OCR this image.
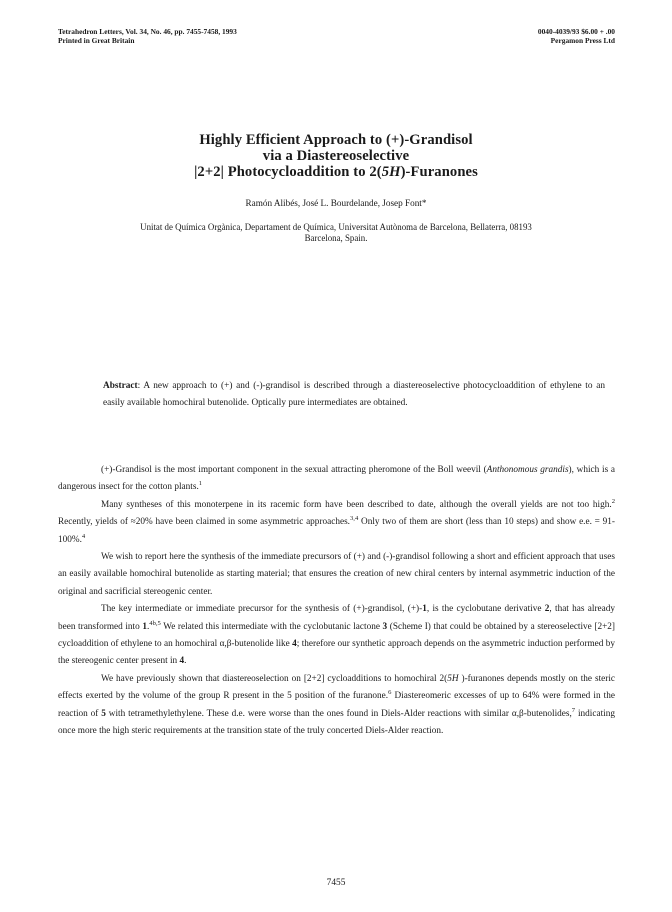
Tetrahedron Letters, Vol. 34, No. 46, pp. 7455-7458, 1993
Printed in Great Britain
0040-4039/93 $6.00 + .00
Pergamon Press Ltd
Highly Efficient Approach to (+)-Grandisol
via a Diastereoselective
|2+2| Photocycloaddition to 2(5H)-Furanones
Ramón Alibés, José L. Bourdelande, Josep Font*
Unitat de Química Orgànica, Departament de Química, Universitat Autònoma de Barcelona, Bellaterra, 08193
Barcelona, Spain.
Abstract: A new approach to (+) and (-)-grandisol is described through a diastereoselective photocycloaddition of ethylene to an easily available homochiral butenolide. Optically pure intermediates are obtained.

(+)-Grandisol is the most important component in the sexual attracting pheromone of the Boll weevil (Anthonomous grandis), which is a dangerous insect for the cotton plants.$^1$

Many syntheses of this monoterpene in its racemic form have been described to date, although the overall yields are not too high.$^2$ Recently, yields of ≈20% have been claimed in some asymmetric approaches.$^{3,4}$ Only two of them are short (less than 10 steps) and show e.e. = 91-100%.$^4$

We wish to report here the synthesis of the immediate precursors of (+) and (-)-grandisol following a short and efficient approach that uses an easily available homochiral butenolide as starting material; that ensures the creation of new chiral centers by internal asymmetric induction of the original and sacrificial stereogenic center.

The key intermediate or immediate precursor for the synthesis of (+)-grandisol, (+)-1, is the cyclobutane derivative 2, that has already been transformed into 1.$^{4b,5}$ We related this intermediate with the cyclobutanic lactone 3 (Scheme I) that could be obtained by a stereoselective [2+2] cycloaddition of ethylene to an homochiral α,β-butenolide like 4; therefore our synthetic approach depends on the asymmetric induction performed by the stereogenic center present in 4.

We have previously shown that diastereoselection on [2+2] cycloadditions to homochiral 2(5H )-furanones depends mostly on the steric effects exerted by the volume of the group R present in the 5 position of the furanone.$^6$ Diastereomeric excesses of up to 64% were formed in the reaction of 5 with tetramethylethylene. These d.e. were worse than the ones found in Diels-Alder reactions with similar α,β-butenolides,$^7$ indicating once more the high steric requirements at the transition state of the truly concerted Diels-Alder reaction.

7455
